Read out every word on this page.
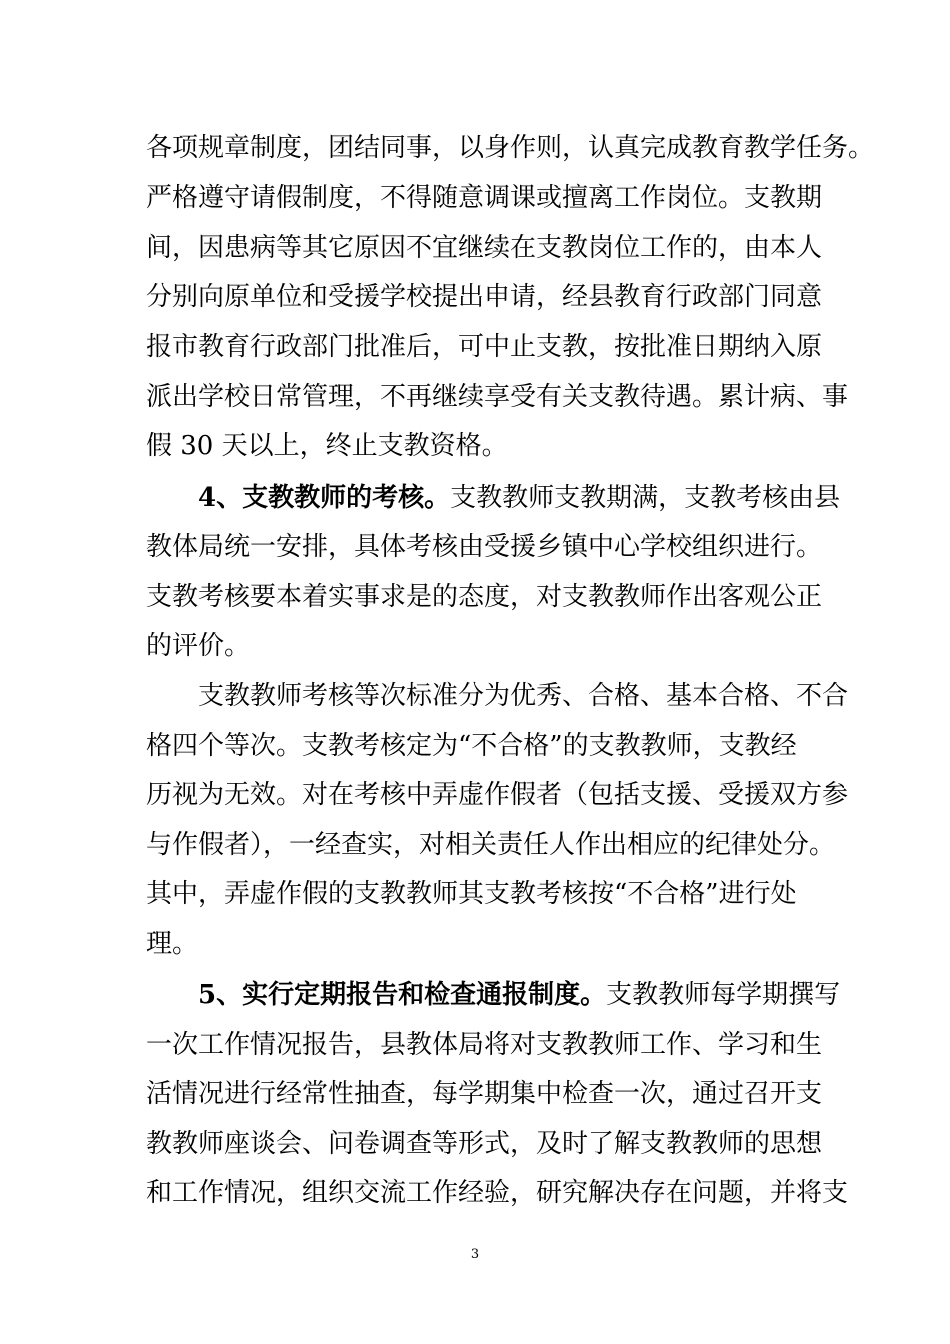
各项规章制度，团结同事，以身作则，认真完成教育教学任务。
严格遵守请假制度，不得随意调课或擅离工作岗位。支教期
间，因患病等其它原因不宜继续在支教岗位工作的，由本人
分别向原单位和受援学校提出申请，经县教育行政部门同意
报市教育行政部门批准后，可中止支教，按批准日期纳入原
派出学校日常管理，不再继续享受有关支教待遇。累计病、事
假 30 天以上，终止支教资格。
4、支教教师的考核。支教教师支教期满，支教考核由县
教体局统一安排，具体考核由受援乡镇中心学校组织进行。
支教考核要本着实事求是的态度，对支教教师作出客观公正
的评价。
支教教师考核等次标准分为优秀、合格、基本合格、不合
格四个等次。支教考核定为“不合格”的支教教师，支教经
历视为无效。对在考核中弄虚作假者（包括支援、受援双方参
与作假者），一经查实，对相关责任人作出相应的纪律处分。
其中，弄虚作假的支教教师其支教考核按“不合格”进行处
理。
5、实行定期报告和检查通报制度。支教教师每学期撰写
一次工作情况报告，县教体局将对支教教师工作、学习和生
活情况进行经常性抽查，每学期集中检查一次，通过召开支
教教师座谈会、问卷调查等形式，及时了解支教教师的思想
和工作情况，组织交流工作经验，研究解决存在问题，并将支
3
